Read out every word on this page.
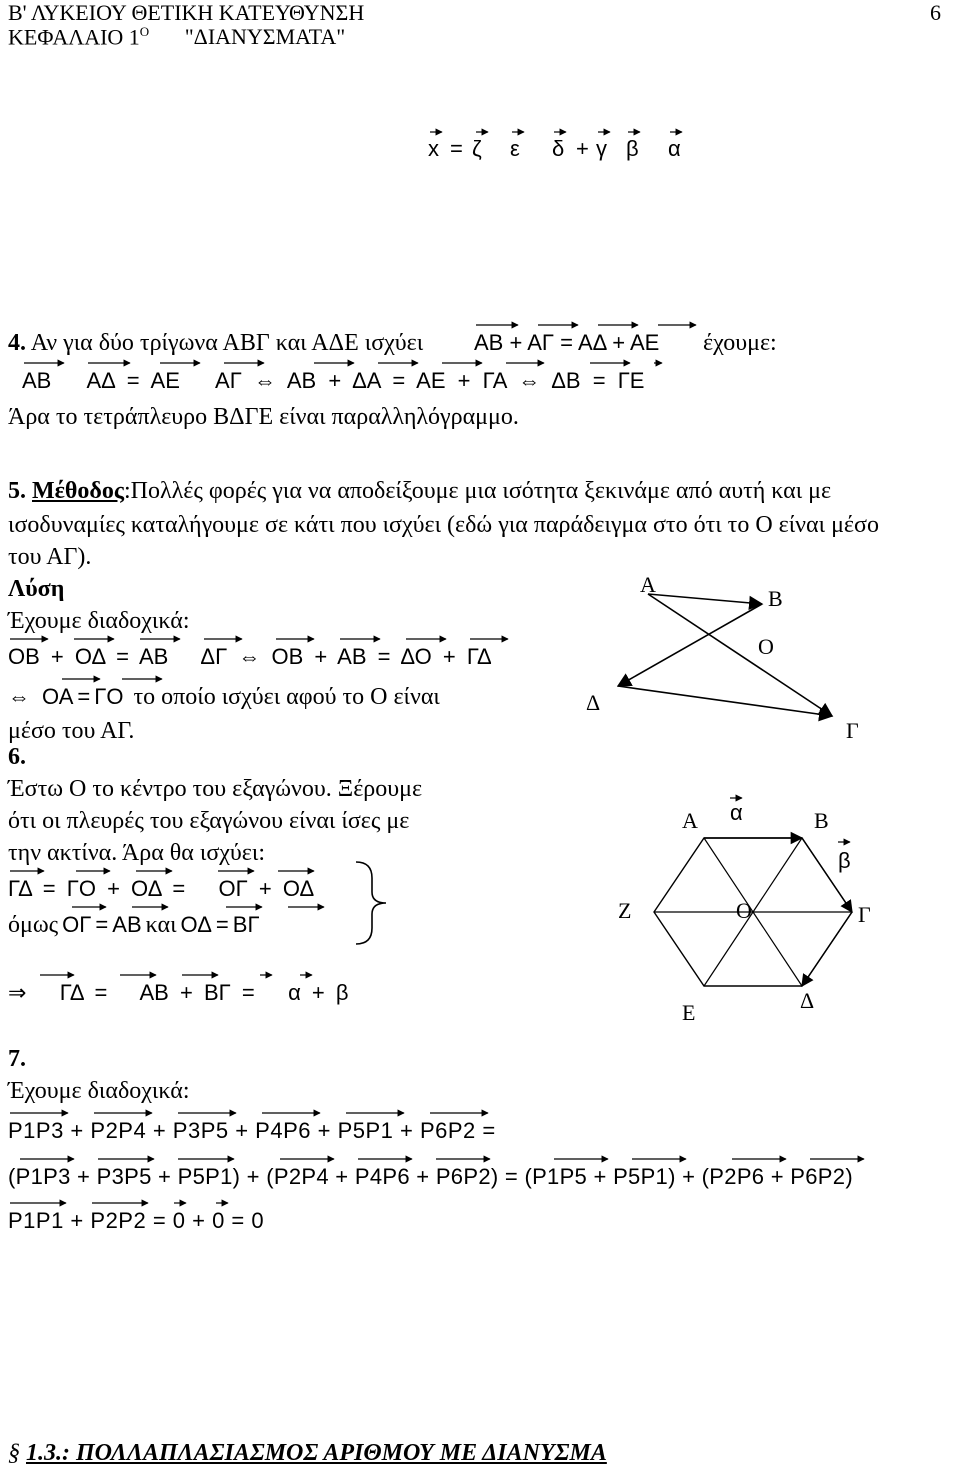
Β' ΛΥΚΕΙΟΥ ΘΕΤΙΚΗ ΚΑΤΕΥΘΥΝΣΗ
ΚΕΦΑΛΑΙΟ $1^O$ "ΔΙΑΝΥΣΜΑΤΑ"
6
x = ζ ε δ + γ β α
4. Αν για δύο τρίγωνα ΑΒΓ και ΑΔΕ ισχύει ΑΒ + ΑΓ = ΑΔ + ΑΕ έχουμε:
ΑΒ ΑΔ = ΑΕ ΑΓ ⇔ ΑΒ + ΔΑ = ΑΕ + ΓΑ ⇔ ΔΒ = ΓΕ
Άρα το τετράπλευρο ΒΔΓΕ είναι παραλληλόγραμμο.
5. Μέθοδος:Πολλές φορές για να αποδείξουμε μια ισότητα ξεκινάμε από αυτή και με
ισοδυναμίες καταλήγουμε σε κάτι που ισχύει (εδώ για παράδειγμα στο ότι το Ο είναι μέσο
του ΑΓ).
Λύση
Έχουμε διαδοχικά:
ΟΒ + ΟΔ = ΑΒ ΔΓ ⇔ ΟΒ + ΑΒ = ΔΟ + ΓΔ
⇔ ΟΑ = ΓΟ το οποίο ισχύει αφού το Ο είναι
μέσο του ΑΓ.
Α
Β
Ο
Δ
Γ
6.
Έστω Ο το κέντρο του εξαγώνου. Ξέρουμε
ότι οι πλευρές του εξαγώνου είναι ίσες με
την ακτίνα. Άρα θα ισχύει:
ΓΔ = ΓΟ + ΟΔ = ΟΓ + ΟΔ
όμως ΟΓ = ΑΒ και ΟΔ = ΒΓ
⇒ ΓΔ = ΑΒ + ΒΓ = α + β
Α	Β
Γ
Δ
Ε
Ζ	Ο
α
β
7.
Έχουμε διαδοχικά:
P1P3 + P2P4 + P3P5 + P4P6 + P5P1 + P6P2 =
(P1P3 + P3P5 + P5P1) + (P2P4 + P4P6 + P6P2) = (P1P5 + P5P1) + (P2P6 + P6P2)
P1P1 + P2P2 = 0 + 0 = 0
§ 1.3.: ΠΟΛΛΑΠΛΑΣΙΑΣΜΟΣ ΑΡΙΘΜΟΥ ΜΕ ΔΙΑΝΥΣΜΑ
